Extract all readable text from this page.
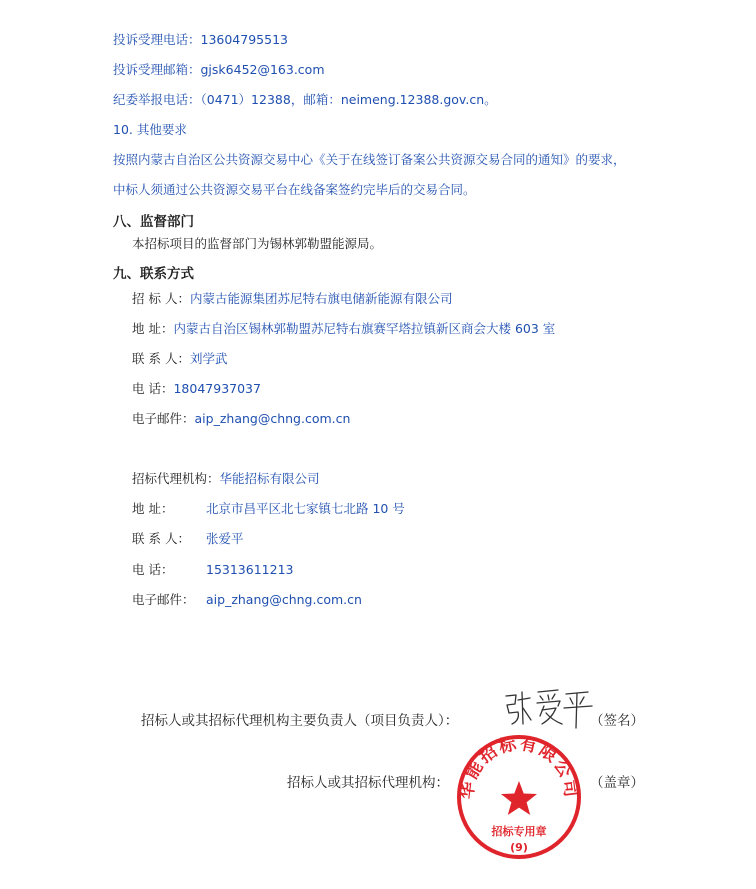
投诉受理电话：13604795513
投诉受理邮箱：gjsk6452@163.com
纪委举报电话：（0471）12388，邮箱：neimeng.12388.gov.cn。
10. 其他要求
按照内蒙古自治区公共资源交易中心《关于在线签订备案公共资源交易合同的通知》的要求，
中标人须通过公共资源交易平台在线备案签约完毕后的交易合同。
八、监督部门
本招标项目的监督部门为锡林郭勒盟能源局。
九、联系方式
招 标 人：内蒙古能源集团苏尼特右旗电储新能源有限公司
地 址：内蒙古自治区锡林郭勒盟苏尼特右旗赛罕塔拉镇新区商会大楼 603 室
联 系 人：刘学武
电 话：18047937037
电子邮件：aip_zhang@chng.com.cn
招标代理机构：华能招标有限公司
地 址：	北京市昌平区北七家镇七北路 10 号
联 系 人： 张爱平
电 话：	15313611213
电子邮件： aip_zhang@chng.com.cn
招标人或其招标代理机构主要负责人（项目负责人）：	（签名）
招标人或其招标代理机构：	（盖章）
华能招标有限公司
招标专用章
(9)
